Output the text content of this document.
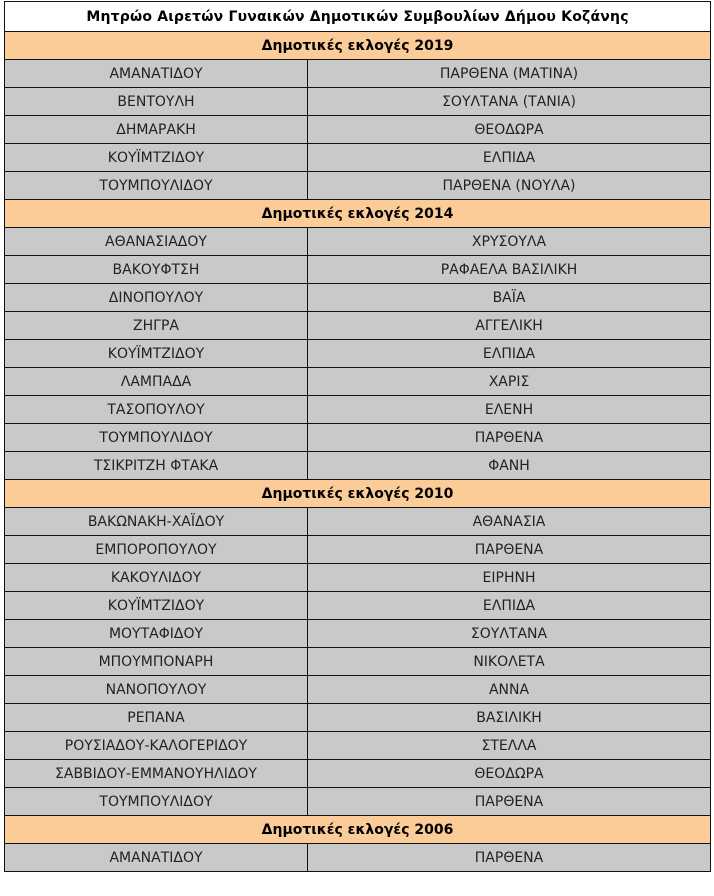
Μητρώο Αιρετών Γυναικών Δημοτικών Συμβουλίων Δήμου Κοζάνης	
Δημοτικές εκλογές 2019	
ΑΜΑΝΑΤΙΔΟΥ	ΠΑΡΘΕΝΑ (ΜΑΤΙΝΑ)
ΒΕΝΤΟΥΛΗ	ΣΟΥΛΤΑΝΑ (ΤΑΝΙΑ)
ΔΗΜΑΡΑΚΗ	ΘΕΟΔΩΡΑ
ΚΟΥΪΜΤΖΙΔΟΥ	ΕΛΠΙΔΑ
ΤΟΥΜΠΟΥΛΙΔΟΥ	ΠΑΡΘΕΝΑ (ΝΟΥΛΑ)
Δημοτικές εκλογές 2014	
ΑΘΑΝΑΣΙΑΔΟΥ	ΧΡΥΣΟΥΛΑ
ΒΑΚΟΥΦΤΣΗ	ΡΑΦΑΕΛΑ ΒΑΣΙΛΙΚΗ
ΔΙΝΟΠΟΥΛΟΥ	ΒΑΪΑ
ΖΗΓΡΑ	ΑΓΓΕΛΙΚΗ
ΚΟΥΪΜΤΖΙΔΟΥ	ΕΛΠΙΔΑ
ΛΑΜΠΑΔΑ	ΧΑΡΙΣ
ΤΑΣΟΠΟΥΛΟΥ	ΕΛΕΝΗ
ΤΟΥΜΠΟΥΛΙΔΟΥ	ΠΑΡΘΕΝΑ
ΤΣΙΚΡΙΤΖΗ ΦΤΑΚΑ	ΦΑΝΗ
Δημοτικές εκλογές 2010	
ΒΑΚΩΝΑΚΗ-ΧΑΪΔΟΥ	ΑΘΑΝΑΣΙΑ
ΕΜΠΟΡΟΠΟΥΛΟΥ	ΠΑΡΘΕΝΑ
ΚΑΚΟΥΛΙΔΟΥ	ΕΙΡΗΝΗ
ΚΟΥΪΜΤΖΙΔΟΥ	ΕΛΠΙΔΑ
ΜΟΥΤΑΦΙΔΟΥ	ΣΟΥΛΤΑΝΑ
ΜΠΟΥΜΠΟΝΑΡΗ	ΝΙΚΟΛΕΤΑ
ΝΑΝΟΠΟΥΛΟΥ	ΑΝΝΑ
ΡΕΠΑΝΑ	ΒΑΣΙΛΙΚΗ
ΡΟΥΣΙΑΔΟΥ-ΚΑΛΟΓΕΡΙΔΟΥ	ΣΤΕΛΛΑ
ΣΑΒΒΙΔΟΥ-ΕΜΜΑΝΟΥΗΛΙΔΟΥ	ΘΕΟΔΩΡΑ
ΤΟΥΜΠΟΥΛΙΔΟΥ	ΠΑΡΘΕΝΑ
Δημοτικές εκλογές 2006	
ΑΜΑΝΑΤΙΔΟΥ	ΠΑΡΘΕΝΑ
